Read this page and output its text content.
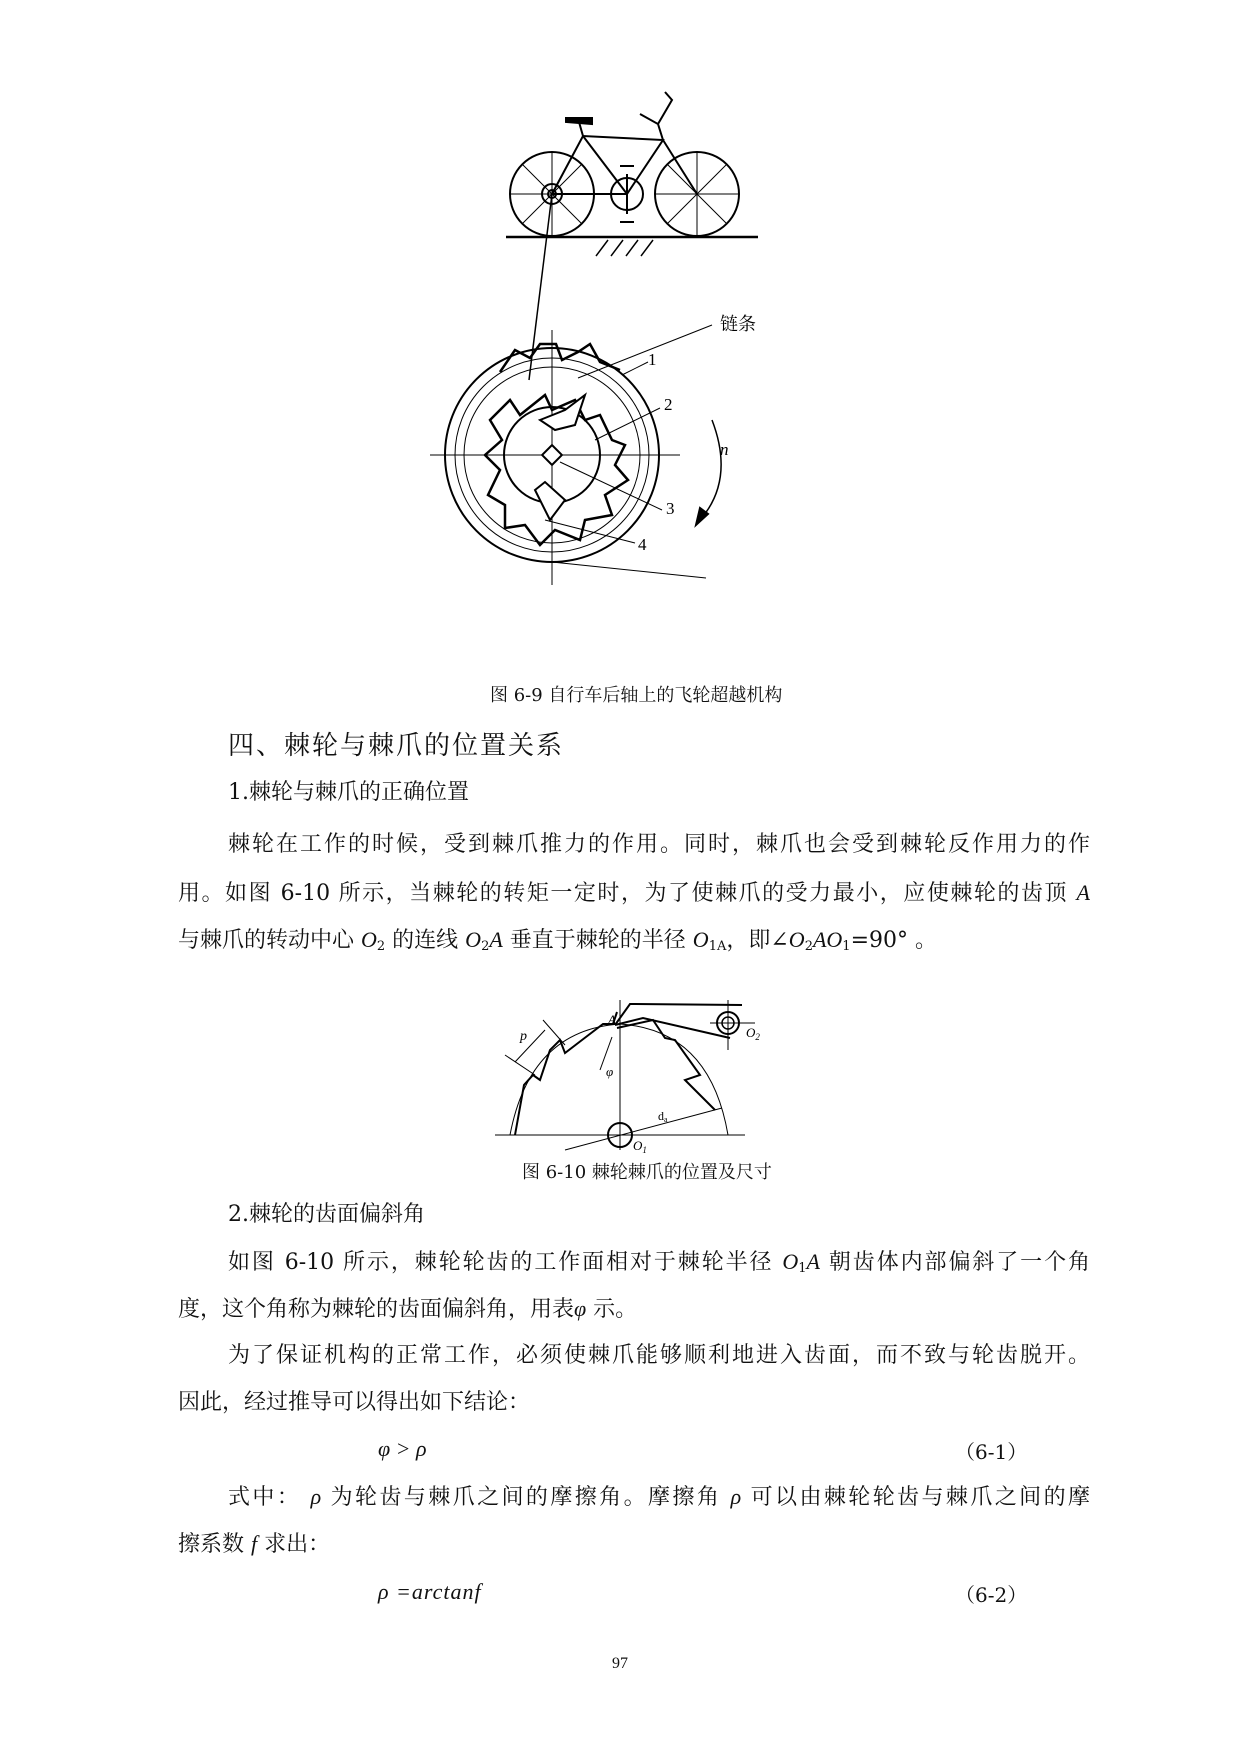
链条
1
2
3
4
n
图 6-9 自行车后轴上的飞轮超越机构
四、棘轮与棘爪的位置关系
1.棘轮与棘爪的正确位置
棘轮在工作的时候，受到棘爪推力的作用。同时，棘爪也会受到棘轮反作用力的作
用。如图 6-10 所示，当棘轮的转矩一定时，为了使棘爪的受力最小，应使棘轮的齿顶 A
与棘爪的转动中心 $O_2$ 的连线 $O_2A$ 垂直于棘轮的半径 $O_{1A}$，即$\angle O_2AO_1=90^\circ$ 。
A
p
φ
$O_2$
$O_1$
da
图 6-10 棘轮棘爪的位置及尺寸
2.棘轮的齿面偏斜角
如图 6-10 所示，棘轮轮齿的工作面相对于棘轮半径 $O_1A$ 朝齿体内部偏斜了一个角
度，这个角称为棘轮的齿面偏斜角，用表φ 示。
为了保证机构的正常工作，必须使棘爪能够顺利地进入齿面，而不致与轮齿脱开。
因此，经过推导可以得出如下结论：
φ > ρ	（6-1）
式中： ρ 为轮齿与棘爪之间的摩擦角。摩擦角 ρ 可以由棘轮轮齿与棘爪之间的摩
擦系数 f 求出：
ρ =arctanf	（6-2）
97
